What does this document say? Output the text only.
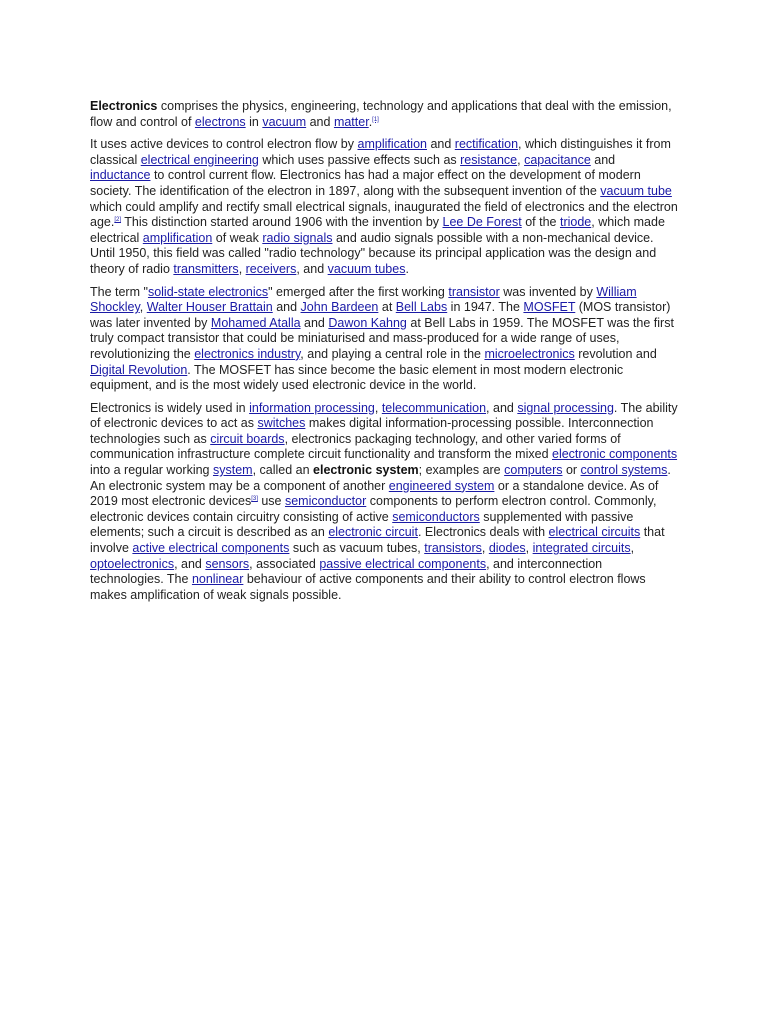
Electronics comprises the physics, engineering, technology and applications that deal with the emission, flow and control of electrons in vacuum and matter.[1]

It uses active devices to control electron flow by amplification and rectification, which distinguishes it from classical electrical engineering which uses passive effects such as resistance, capacitance and inductance to control current flow. Electronics has had a major effect on the development of modern society. The identification of the electron in 1897, along with the subsequent invention of the vacuum tube which could amplify and rectify small electrical signals, inaugurated the field of electronics and the electron age.[2] This distinction started around 1906 with the invention by Lee De Forest of the triode, which made electrical amplification of weak radio signals and audio signals possible with a non-mechanical device. Until 1950, this field was called "radio technology" because its principal application was the design and theory of radio transmitters, receivers, and vacuum tubes.

The term "solid-state electronics" emerged after the first working transistor was invented by William Shockley, Walter Houser Brattain and John Bardeen at Bell Labs in 1947. The MOSFET (MOS transistor) was later invented by Mohamed Atalla and Dawon Kahng at Bell Labs in 1959. The MOSFET was the first truly compact transistor that could be miniaturised and mass-produced for a wide range of uses, revolutionizing the electronics industry, and playing a central role in the microelectronics revolution and Digital Revolution. The MOSFET has since become the basic element in most modern electronic equipment, and is the most widely used electronic device in the world.

Electronics is widely used in information processing, telecommunication, and signal processing. The ability of electronic devices to act as switches makes digital information-processing possible. Interconnection technologies such as circuit boards, electronics packaging technology, and other varied forms of communication infrastructure complete circuit functionality and transform the mixed electronic components into a regular working system, called an electronic system; examples are computers or control systems. An electronic system may be a component of another engineered system or a standalone device. As of 2019 most electronic devices[3] use semiconductor components to perform electron control. Commonly, electronic devices contain circuitry consisting of active semiconductors supplemented with passive elements; such a circuit is described as an electronic circuit. Electronics deals with electrical circuits that involve active electrical components such as vacuum tubes, transistors, diodes, integrated circuits, optoelectronics, and sensors, associated passive electrical components, and interconnection technologies. The nonlinear behaviour of active components and their ability to control electron flows makes amplification of weak signals possible.
